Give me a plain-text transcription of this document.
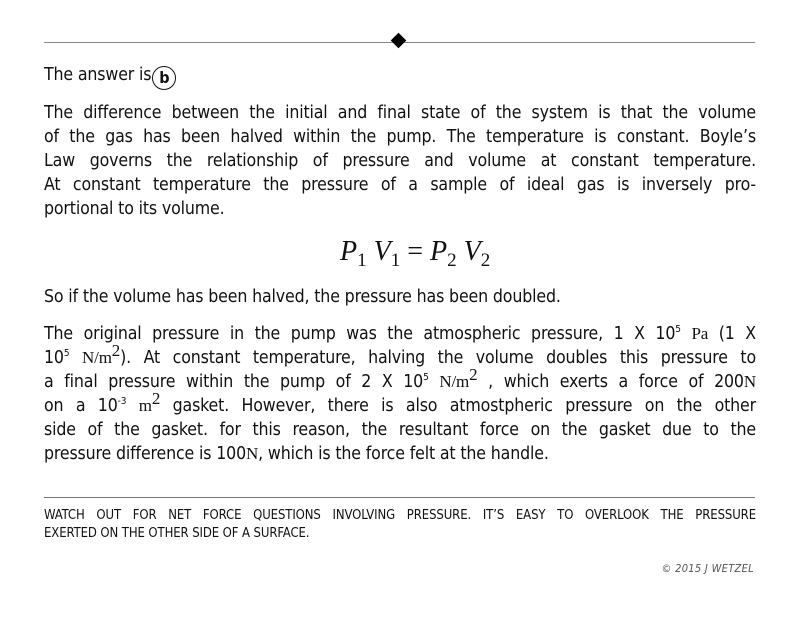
The answer is b
The difference between the initial and final state of the system is that the volume
of the gas has been halved within the pump. The temperature is constant. Boyle’s
Law governs the relationship of pressure and volume at constant temperature.
At constant temperature the pressure of a sample of ideal gas is inversely pro-
portional to its volume.
$P_1$ $V_1 = P_2$ $V_2$
So if the volume has been halved, the pressure has been doubled.
The original pressure in the pump was the atmospheric pressure, 1 X $10^5$ Pa (1 X
$10^5$ $N/m^2$). At constant temperature, halving the volume doubles this pressure to
a final pressure within the pump of 2 X $10^5$ $N/m^2$ , which exerts a force of 200N
on a $10^{-3}$ $m^2$ gasket. However, there is also atmostpheric pressure on the other
side of the gasket. for this reason, the resultant force on the gasket due to the
pressure difference is 100N, which is the force felt at the handle.
WATCH OUT FOR NET FORCE QUESTIONS INVOLVING PRESSURE. IT’S EASY TO OVERLOOK THE PRESSURE
EXERTED ON THE OTHER SIDE OF A SURFACE.
© 2015 J WETZEL
